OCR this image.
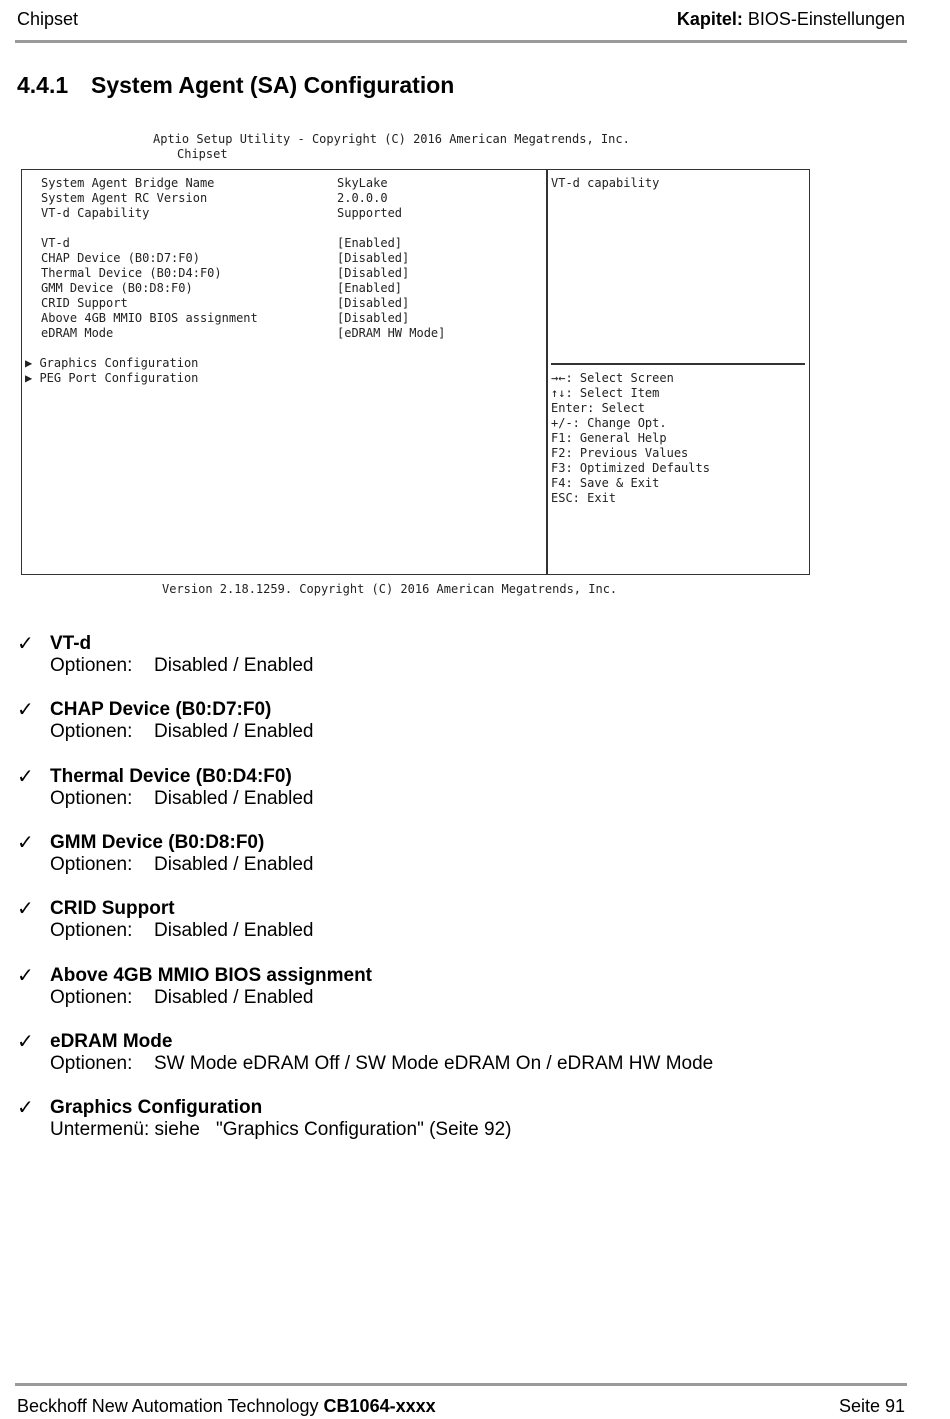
Chipset	Kapitel: BIOS-Einstellungen
4.4.1 System Agent (SA) Configuration
Aptio Setup Utility - Copyright (C) 2016 American Megatrends, Inc.
Chipset
System Agent Bridge Name	SkyLake
System Agent RC Version	2.0.0.0
VT-d Capability	Supported
VT-d	[Enabled]
CHAP Device (B0:D7:F0)	[Disabled]
Thermal Device (B0:D4:F0)	[Disabled]
GMM Device (B0:D8:F0)	[Enabled]
CRID Support	[Disabled]
Above 4GB MMIO BIOS assignment	[Disabled]
eDRAM Mode	[eDRAM HW Mode]
▶ Graphics Configuration
▶ PEG Port Configuration
VT-d capability
→←: Select Screen
↑↓: Select Item
Enter: Select
+/-: Change Opt.
F1: General Help
F2: Previous Values
F3: Optimized Defaults
F4: Save & Exit
ESC: Exit
Version 2.18.1259. Copyright (C) 2016 American Megatrends, Inc.
✓ VT-d
Optionen: Disabled / Enabled
✓ CHAP Device (B0:D7:F0)
Optionen: Disabled / Enabled
✓ Thermal Device (B0:D4:F0)
Optionen: Disabled / Enabled
✓ GMM Device (B0:D8:F0)
Optionen: Disabled / Enabled
✓ CRID Support
Optionen: Disabled / Enabled
✓ Above 4GB MMIO BIOS assignment
Optionen: Disabled / Enabled
✓ eDRAM Mode
Optionen: SW Mode eDRAM Off / SW Mode eDRAM On / eDRAM HW Mode
✓ Graphics Configuration
Untermenü: siehe "Graphics Configuration" (Seite 92)
Beckhoff New Automation Technology CB1064-xxxx	Seite 91
